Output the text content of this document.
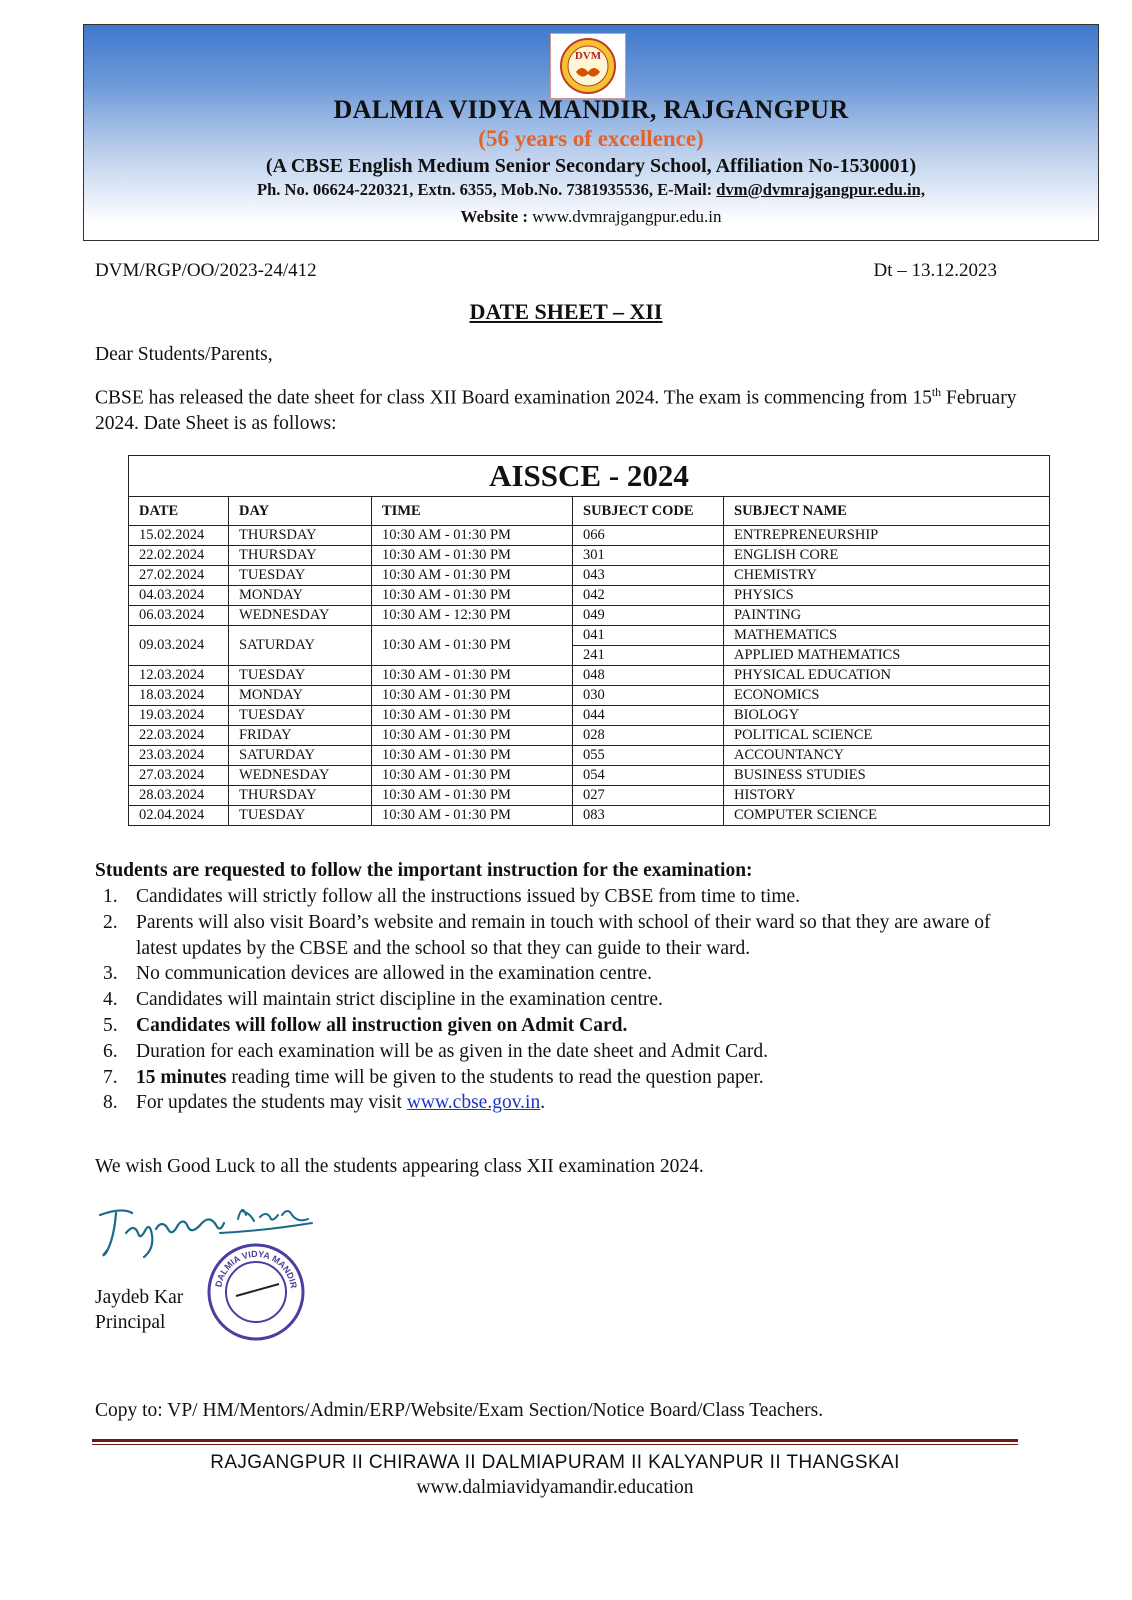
DVM
DALMIA VIDYA MANDIR, RAJGANGPUR
(56 years of excellence)
(A CBSE English Medium Senior Secondary School, Affiliation No-1530001)
Ph. No. 06624-220321, Extn. 6355, Mob.No. 7381935536, E-Mail: dvm@dvmrajgangpur.edu.in,
Website : www.dvmrajgangpur.edu.in
DVM/RGP/OO/2023-24/412	Dt – 13.12.2023
DATE SHEET – XII
Dear Students/Parents,
CBSE has released the date sheet for class XII Board examination 2024. The exam is commencing from 15th February 2024. Date Sheet is as follows:
AISSCE - 2024				
DATE	DAY	TIME	SUBJECT CODE	SUBJECT NAME
15.02.2024	THURSDAY	10:30 AM - 01:30 PM	066	ENTREPRENEURSHIP
22.02.2024	THURSDAY	10:30 AM - 01:30 PM	301	ENGLISH CORE
27.02.2024	TUESDAY	10:30 AM - 01:30 PM	043	CHEMISTRY
04.03.2024	MONDAY	10:30 AM - 01:30 PM	042	PHYSICS
06.03.2024	WEDNESDAY	10:30 AM - 12:30 PM	049	PAINTING
09.03.2024	SATURDAY	10:30 AM - 01:30 PM	041	MATHEMATICS
			241	APPLIED MATHEMATICS
12.03.2024	TUESDAY	10:30 AM - 01:30 PM	048	PHYSICAL EDUCATION
18.03.2024	MONDAY	10:30 AM - 01:30 PM	030	ECONOMICS
19.03.2024	TUESDAY	10:30 AM - 01:30 PM	044	BIOLOGY
22.03.2024	FRIDAY	10:30 AM - 01:30 PM	028	POLITICAL SCIENCE
23.03.2024	SATURDAY	10:30 AM - 01:30 PM	055	ACCOUNTANCY
27.03.2024	WEDNESDAY	10:30 AM - 01:30 PM	054	BUSINESS STUDIES
28.03.2024	THURSDAY	10:30 AM - 01:30 PM	027	HISTORY
02.04.2024	TUESDAY	10:30 AM - 01:30 PM	083	COMPUTER SCIENCE
Students are requested to follow the important instruction for the examination:
1. Candidates will strictly follow all the instructions issued by CBSE from time to time.
2. Parents will also visit Board’s website and remain in touch with school of their ward so that they are aware of latest updates by the CBSE and the school so that they can guide to their ward.
3. No communication devices are allowed in the examination centre.
4. Candidates will maintain strict discipline in the examination centre.
5. Candidates will follow all instruction given on Admit Card.
6. Duration for each examination will be as given in the date sheet and Admit Card.
7. 15 minutes reading time will be given to the students to read the question paper.
8. For updates the students may visit www.cbse.gov.in.
We wish Good Luck to all the students appearing class XII examination 2024.
DALMIA VIDYA MANDIR
Jaydeb Kar
Principal
Copy to: VP/ HM/Mentors/Admin/ERP/Website/Exam Section/Notice Board/Class Teachers.
RAJGANGPUR II CHIRAWA II DALMIAPURAM II KALYANPUR II THANGSKAI
www.dalmiavidyamandir.education
